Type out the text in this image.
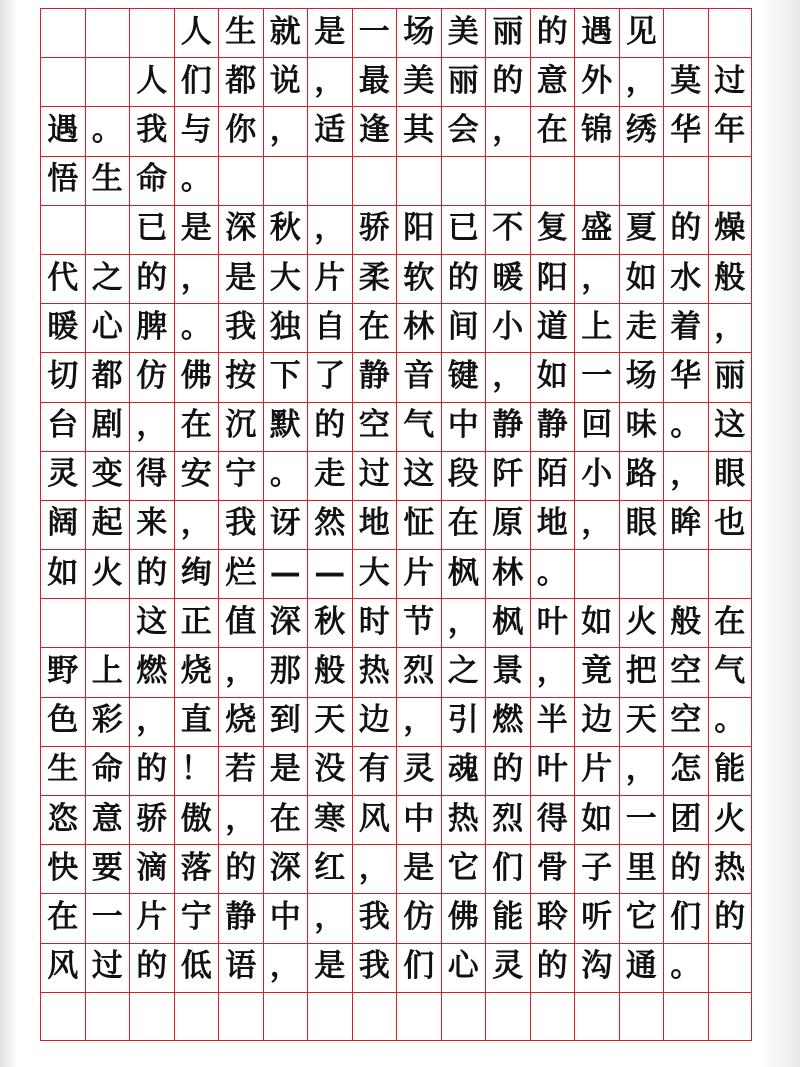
人 生 就 是 一 场 美 丽 的 遇 见
人 们 都 说 ， 最 美 丽 的 意 外 ， 莫 过
遇 。 我 与 你 ， 适 逢 其 会 ， 在 锦 绣 华 年
悟 生 命 。
已 是 深 秋 ， 骄 阳 已 不 复 盛 夏 的 燥
代 之 的 ， 是 大 片 柔 软 的 暖 阳 ， 如 水 般
暖 心 脾 。 我 独 自 在 林 间 小 道 上 走 着 ，
切 都 仿 佛 按 下 了 静 音 键 ， 如 一 场 华 丽
台 剧 ， 在 沉 默 的 空 气 中 静 静 回 味 。 这
灵 变 得 安 宁 。 走 过 这 段 阡 陌 小 路 ， 眼
阔 起 来 ， 我 讶 然 地 怔 在 原 地 ， 眼 眸 也
如 火 的 绚 烂 — — 大 片 枫 林 。
这 正 值 深 秋 时 节 ， 枫 叶 如 火 般 在
野 上 燃 烧 ， 那 般 热 烈 之 景 ， 竟 把 空 气
色 彩 ， 直 烧 到 天 边 ， 引 燃 半 边 天 空 。
生 命 的 ！ 若 是 没 有 灵 魂 的 叶 片 ， 怎 能
恣 意 骄 傲 ， 在 寒 风 中 热 烈 得 如 一 团 火
快 要 滴 落 的 深 红 ， 是 它 们 骨 子 里 的 热
在 一 片 宁 静 中 ， 我 仿 佛 能 聆 听 它 们 的
风 过 的 低 语 ， 是 我 们 心 灵 的 沟 通 。
